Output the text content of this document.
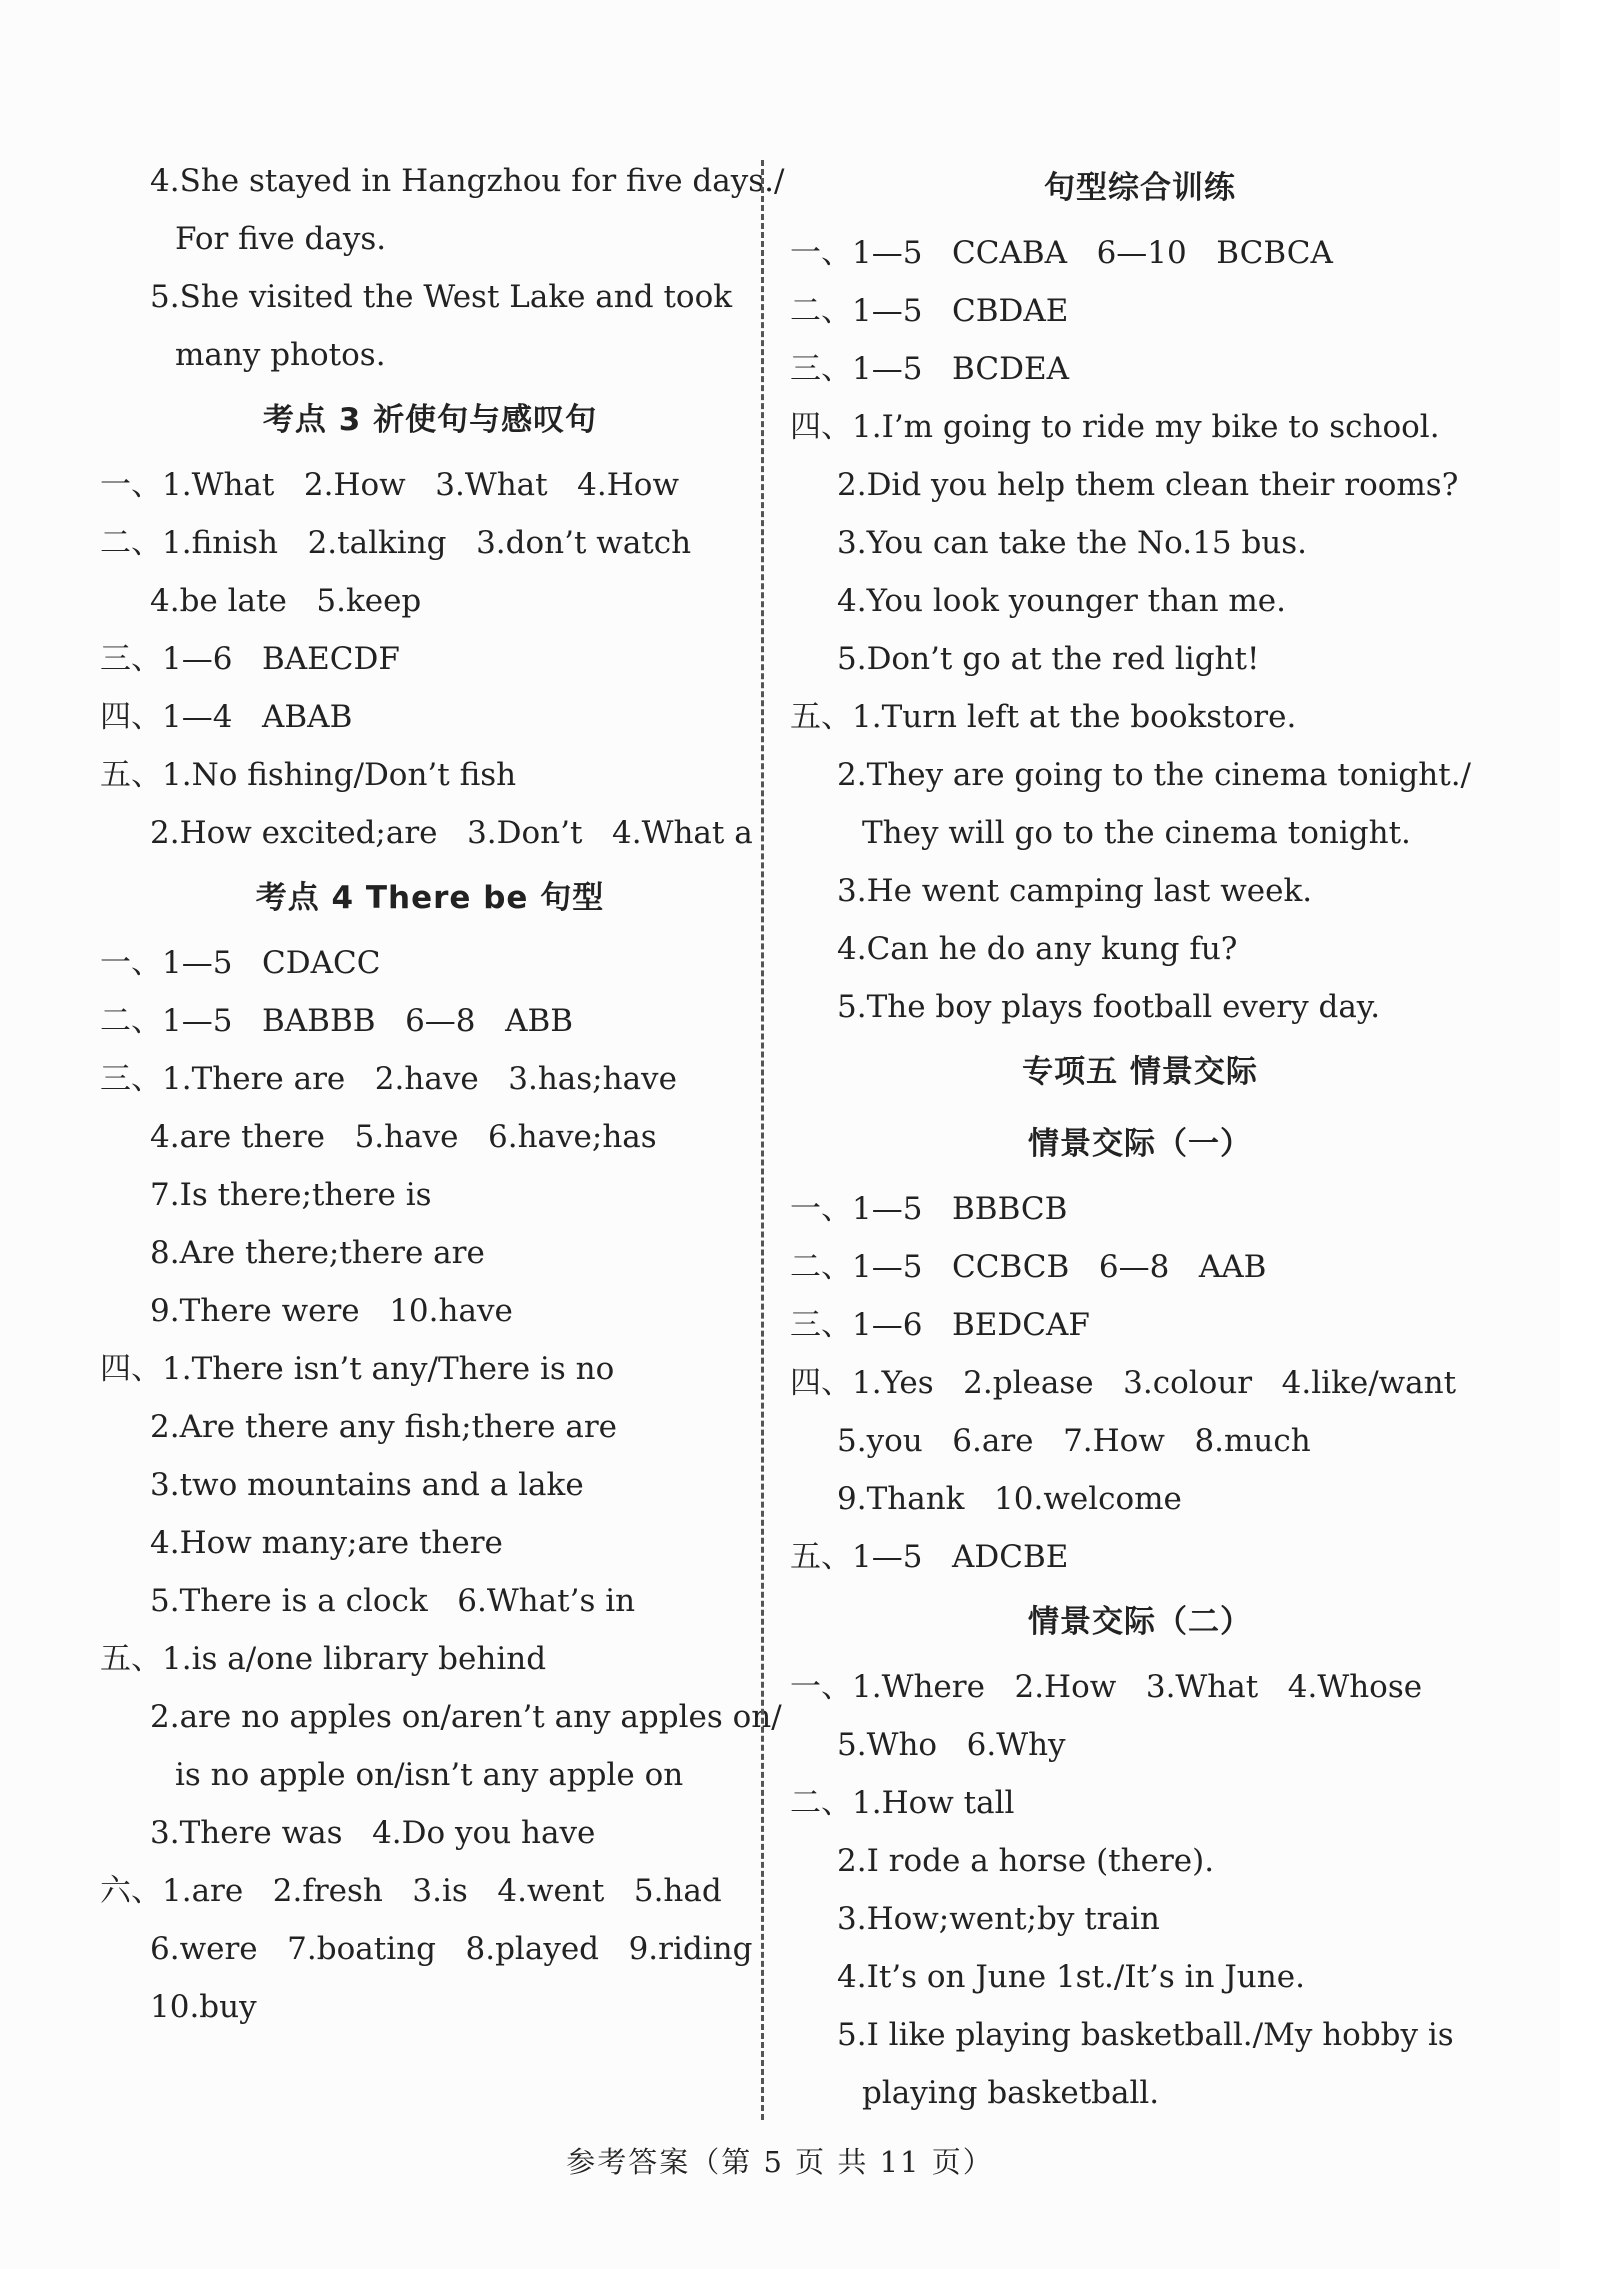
4.She stayed in Hangzhou for five days./
For five days.
5.She visited the West Lake and took
many photos.
考点 3 祈使句与感叹句
一、1.What   2.How   3.What   4.How
二、1.finish   2.talking   3.don’t watch
4.be late   5.keep
三、1—6   BAECDF
四、1—4   ABAB
五、1.No fishing/Don’t fish
2.How excited;are   3.Don’t   4.What a
考点 4 There be 句型
一、1—5   CDACC
二、1—5   BABBB   6—8   ABB
三、1.There are   2.have   3.has;have
4.are there   5.have   6.have;has
7.Is there;there is
8.Are there;there are
9.There were   10.have
四、1.There isn’t any/There is no
2.Are there any fish;there are
3.two mountains and a lake
4.How many;are there
5.There is a clock   6.What’s in
五、1.is a/one library behind
2.are no apples on/aren’t any apples on/
is no apple on/isn’t any apple on
3.There was   4.Do you have
六、1.are   2.fresh   3.is   4.went   5.had
6.were   7.boating   8.played   9.riding
10.buy
句型综合训练
一、1—5   CCABA   6—10   BCBCA
二、1—5   CBDAE
三、1—5   BCDEA
四、1.I’m going to ride my bike to school.
2.Did you help them clean their rooms?
3.You can take the No.15 bus.
4.You look younger than me.
5.Don’t go at the red light!
五、1.Turn left at the bookstore.
2.They are going to the cinema tonight./
They will go to the cinema tonight.
3.He went camping last week.
4.Can he do any kung fu?
5.The boy plays football every day.
专项五 情景交际
情景交际（一）
一、1—5   BBBCB
二、1—5   CCBCB   6—8   AAB
三、1—6   BEDCAF
四、1.Yes   2.please   3.colour   4.like/want
5.you   6.are   7.How   8.much
9.Thank   10.welcome
五、1—5   ADCBE
情景交际（二）
一、1.Where   2.How   3.What   4.Whose
5.Who   6.Why
二、1.How tall
2.I rode a horse (there).
3.How;went;by train
4.It’s on June 1st./It’s in June.
5.I like playing basketball./My hobby is
playing basketball.
参考答案（第 5 页 共 11 页）
